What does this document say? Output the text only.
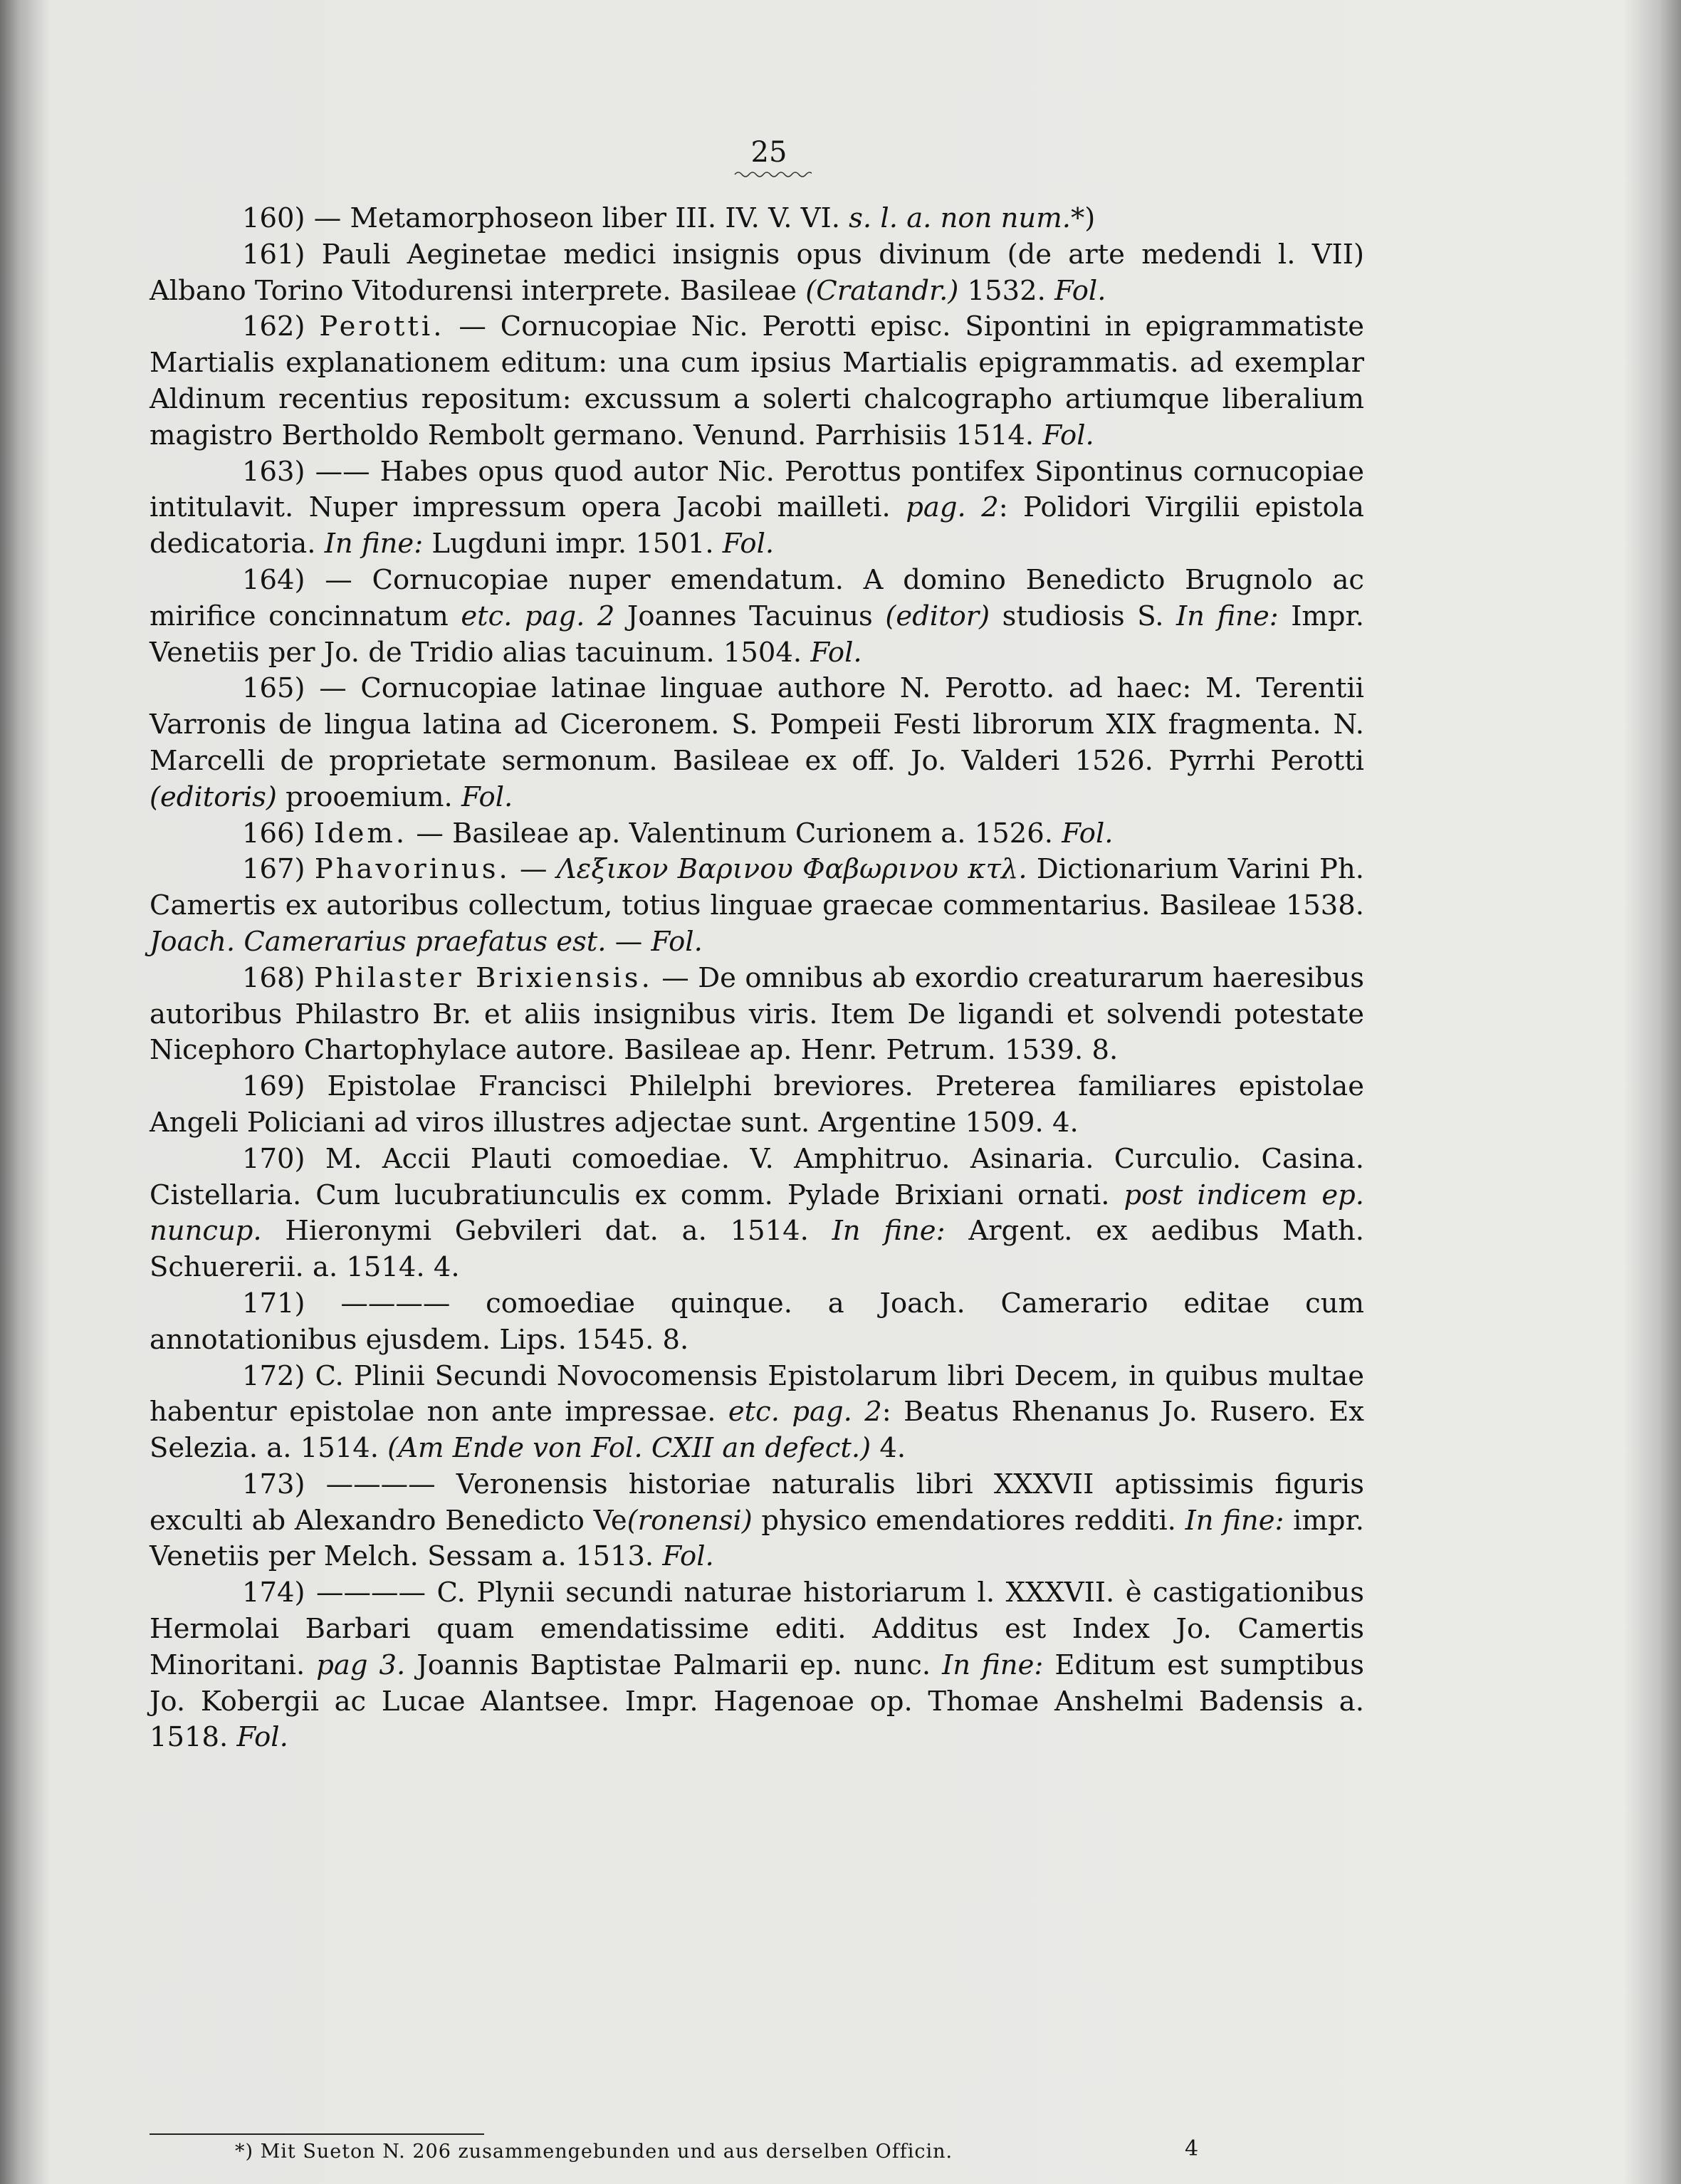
25

160) — Metamorphoseon liber III. IV. V. VI. s. l. a. non num.*)

161) Pauli Aeginetae medici insignis opus divinum (de arte medendi l. VII) Albano Torino Vitodurensi interprete. Basileae (Cratandr.) 1532. Fol.

162) Perotti. — Cornucopiae Nic. Perotti episc. Sipontini in epigrammatiste Martialis explanationem editum: una cum ipsius Martialis epigrammatis. ad exemplar Aldinum recentius repositum: excussum a solerti chalcographo artiumque liberalium magistro Bertholdo Rembolt germano. Venund. Parrhisiis 1514. Fol.

163) —— Habes opus quod autor Nic. Perottus pontifex Sipontinus cornucopiae intitulavit. Nuper impressum opera Jacobi mailleti. pag. 2: Polidori Virgilii epistola dedicatoria. In fine: Lugduni impr. 1501. Fol.

164) — Cornucopiae nuper emendatum. A domino Benedicto Brugnolo ac mirifice concinnatum etc. pag. 2 Joannes Tacuinus (editor) studiosis S. In fine: Impr. Venetiis per Jo. de Tridio alias tacuinum. 1504. Fol.

165) — Cornucopiae latinae linguae authore N. Perotto. ad haec: M. Terentii Varronis de lingua latina ad Ciceronem. S. Pompeii Festi librorum XIX fragmenta. N. Marcelli de proprietate sermonum. Basileae ex off. Jo. Valderi 1526. Pyrrhi Perotti (editoris) prooemium. Fol.

166) Idem. — Basileae ap. Valentinum Curionem a. 1526. Fol.

167) Phavorinus. — Λεξικον Βαρινου Φαβωρινου κτλ. Dictionarium Varini Ph. Camertis ex autoribus collectum, totius linguae graecae commentarius. Basileae 1538. Joach. Camerarius praefatus est. — Fol.

168) Philaster Brixiensis. — De omnibus ab exordio creaturarum haeresibus autoribus Philastro Br. et aliis insignibus viris. Item De ligandi et solvendi potestate Nicephoro Chartophylace autore. Basileae ap. Henr. Petrum. 1539. 8.

169) Epistolae Francisci Philelphi breviores. Preterea familiares epistolae Angeli Policiani ad viros illustres adjectae sunt. Argentine 1509. 4.

170) M. Accii Plauti comoediae. V. Amphitruo. Asinaria. Curculio. Casina. Cistellaria. Cum lucubratiunculis ex comm. Pylade Brixiani ornati. post indicem ep. nuncup. Hieronymi Gebvileri dat. a. 1514. In fine: Argent. ex aedibus Math. Schuererii. a. 1514. 4.

171) ———— comoediae quinque. a Joach. Camerario editae cum annotationibus ejusdem. Lips. 1545. 8.

172) C. Plinii Secundi Novocomensis Epistolarum libri Decem, in quibus multae habentur epistolae non ante impressae. etc. pag. 2: Beatus Rhenanus Jo. Rusero. Ex Selezia. a. 1514. (Am Ende von Fol. CXII an defect.) 4.

173) ———— Veronensis historiae naturalis libri XXXVII aptissimis figuris exculti ab Alexandro Benedicto Ve(ronensi) physico emendatiores redditi. In fine: impr. Venetiis per Melch. Sessam a. 1513. Fol.

174) ———— C. Plynii secundi naturae historiarum l. XXXVII. è castigationibus Hermolai Barbari quam emendatissime editi. Additus est Index Jo. Camertis Minoritani. pag 3. Joannis Baptistae Palmarii ep. nunc. In fine: Editum est sumptibus Jo. Kobergii ac Lucae Alantsee. Impr. Hagenoae op. Thomae Anshelmi Badensis a. 1518. Fol.

*) Mit Sueton N. 206 zusammengebunden und aus derselben Officin.	4
